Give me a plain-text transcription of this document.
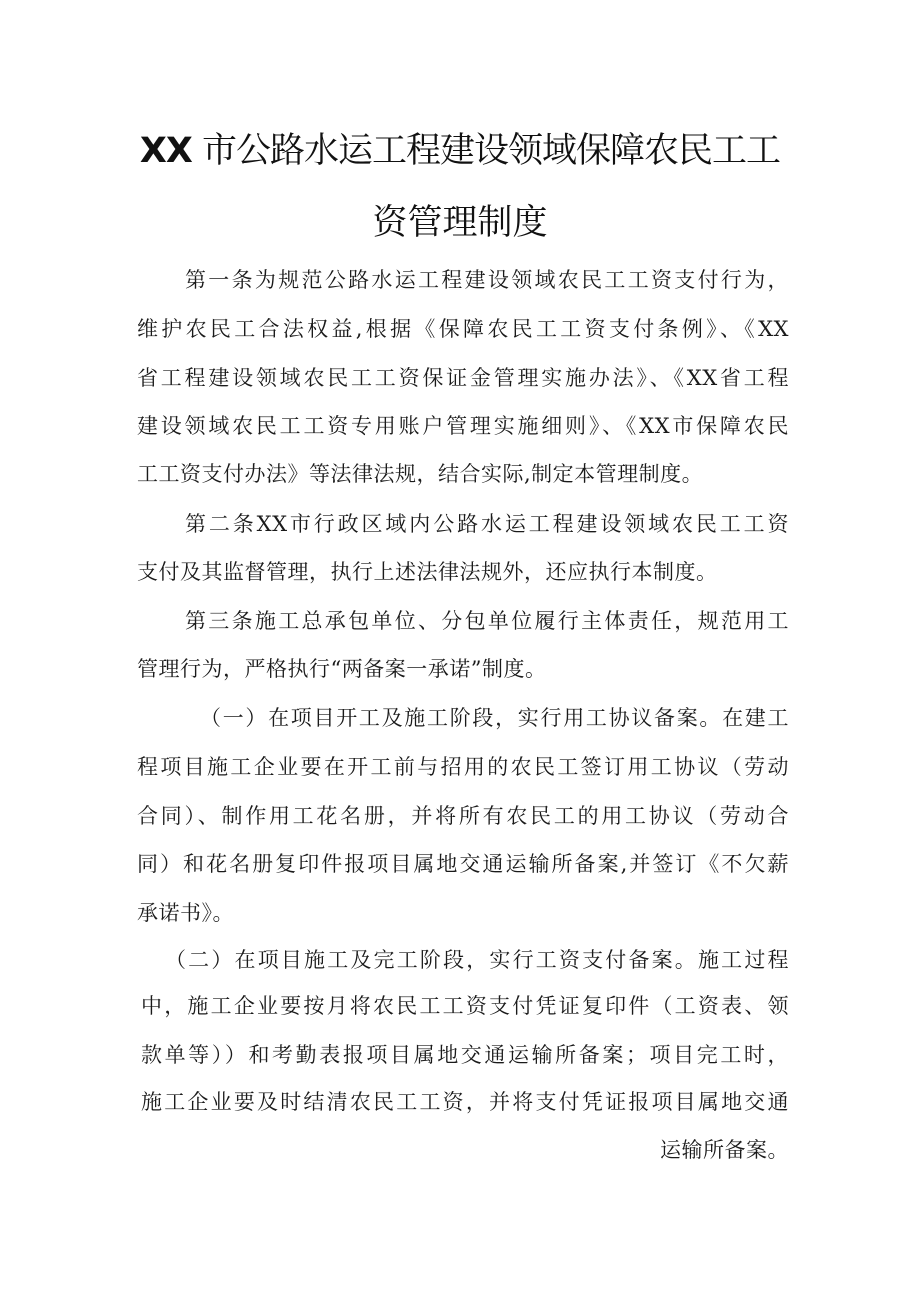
XX 市公路水运工程建设领域保障农民工工
资管理制度
第一条为规范公路水运工程建设领域农民工工资支付行为，
维护农民工合法权益,根据《保障农民工工资支付条例》、《XX
省工程建设领域农民工工资保证金管理实施办法》、《XX省工程
建设领域农民工工资专用账户管理实施细则》、《XX市保障农民
工工资支付办法》等法律法规，结合实际,制定本管理制度。
第二条XX市行政区域内公路水运工程建设领域农民工工资
支付及其监督管理，执行上述法律法规外，还应执行本制度。
第三条施工总承包单位、分包单位履行主体责任，规范用工
管理行为，严格执行“两备案一承诺”制度。
（一）在项目开工及施工阶段，实行用工协议备案。在建工
程项目施工企业要在开工前与招用的农民工签订用工协议（劳动
合同）、制作用工花名册，并将所有农民工的用工协议（劳动合
同）和花名册复印件报项目属地交通运输所备案,并签订《不欠薪
承诺书》。
（二）在项目施工及完工阶段，实行工资支付备案。施工过程
中，施工企业要按月将农民工工资支付凭证复印件（工资表、领
款单等））和考勤表报项目属地交通运输所备案；项目完工时，
施工企业要及时结清农民工工资，并将支付凭证报项目属地交通
运输所备案。
